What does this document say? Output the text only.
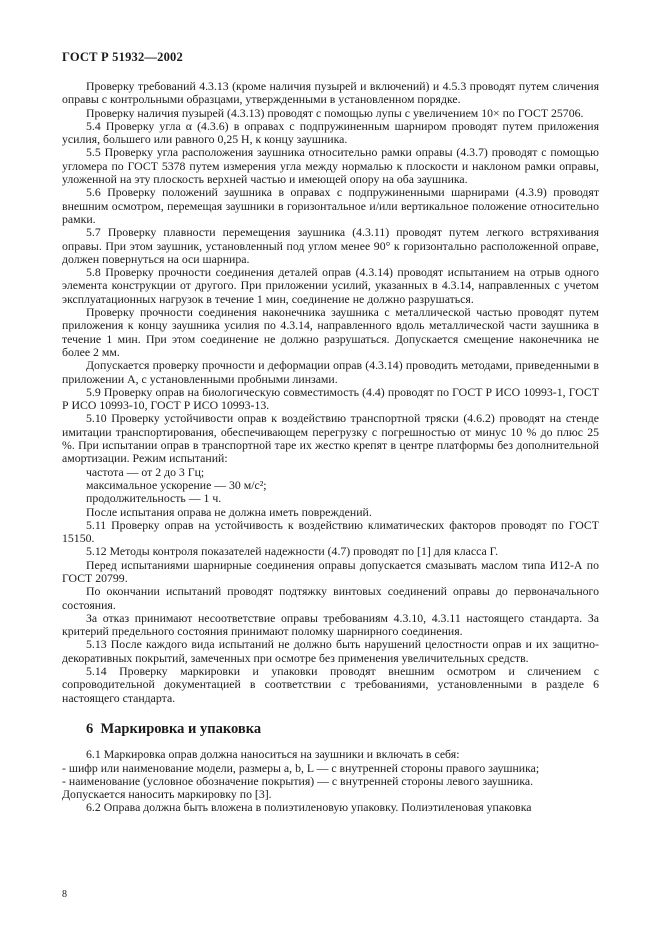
ГОСТ Р 51932—2002

Проверку требований 4.3.13 (кроме наличия пузырей и включений) и 4.5.3 проводят путем сличения оправы с контрольными образцами, утвержденными в установленном порядке.

Проверку наличия пузырей (4.3.13) проводят с помощью лупы с увеличением 10× по ГОСТ 25706.

5.4 Проверку угла α (4.3.6) в оправах с подпружиненным шарниром проводят путем приложения усилия, большего или равного 0,25 Н, к концу заушника.

5.5 Проверку угла расположения заушника относительно рамки оправы (4.3.7) проводят с помощью угломера по ГОСТ 5378 путем измерения угла между нормалью к плоскости и наклоном рамки оправы, уложенной на эту плоскость верхней частью и имеющей опору на оба заушника.

5.6 Проверку положений заушника в оправах с подпружиненными шарнирами (4.3.9) проводят внешним осмотром, перемещая заушники в горизонтальное и/или вертикальное положение относительно рамки.

5.7 Проверку плавности перемещения заушника (4.3.11) проводят путем легкого встряхивания оправы. При этом заушник, установленный под углом менее 90° к горизонтально расположенной оправе, должен повернуться на оси шарнира.

5.8 Проверку прочности соединения деталей оправ (4.3.14) проводят испытанием на отрыв одного элемента конструкции от другого. При приложении усилий, указанных в 4.3.14, направленных с учетом эксплуатационных нагрузок в течение 1 мин, соединение не должно разрушаться.

Проверку прочности соединения наконечника заушника с металлической частью проводят путем приложения к концу заушника усилия по 4.3.14, направленного вдоль металлической части заушника в течение 1 мин. При этом соединение не должно разрушаться. Допускается смещение наконечника не более 2 мм.

Допускается проверку прочности и деформации оправ (4.3.14) проводить методами, приведенными в приложении А, с установленными пробными линзами.

5.9 Проверку оправ на биологическую совместимость (4.4) проводят по ГОСТ Р ИСО 10993-1, ГОСТ Р ИСО 10993-10, ГОСТ Р ИСО 10993-13.

5.10 Проверку устойчивости оправ к воздействию транспортной тряски (4.6.2) проводят на стенде имитации транспортирования, обеспечивающем перегрузку с погрешностью от минус 10 % до плюс 25 %. При испытании оправ в транспортной таре их жестко крепят в центре платформы без дополнительной амортизации. Режим испытаний:

частота — от 2 до 3 Гц;

максимальное ускорение — 30 м/с²;

продолжительность — 1 ч.

После испытания оправа не должна иметь повреждений.

5.11 Проверку оправ на устойчивость к воздействию климатических факторов проводят по ГОСТ 15150.

5.12 Методы контроля показателей надежности (4.7) проводят по [1] для класса Г.

Перед испытаниями шарнирные соединения оправы допускается смазывать маслом типа И12-А по ГОСТ 20799.

По окончании испытаний проводят подтяжку винтовых соединений оправы до первоначального состояния.

За отказ принимают несоответствие оправы требованиям 4.3.10, 4.3.11 настоящего стандарта. За критерий предельного состояния принимают поломку шарнирного соединения.

5.13 После каждого вида испытаний не должно быть нарушений целостности оправ и их защитно-декоративных покрытий, замеченных при осмотре без применения увеличительных средств.

5.14 Проверку маркировки и упаковки проводят внешним осмотром и сличением с сопроводительной документацией в соответствии с требованиями, установленными в разделе 6 настоящего стандарта.

6 Маркировка и упаковка

6.1 Маркировка оправ должна наноситься на заушники и включать в себя:

- шифр или наименование модели, размеры a, b, L — с внутренней стороны правого заушника;

- наименование (условное обозначение покрытия) — с внутренней стороны левого заушника.

Допускается наносить маркировку по [3].

6.2 Оправа должна быть вложена в полиэтиленовую упаковку. Полиэтиленовая упаковка

8
